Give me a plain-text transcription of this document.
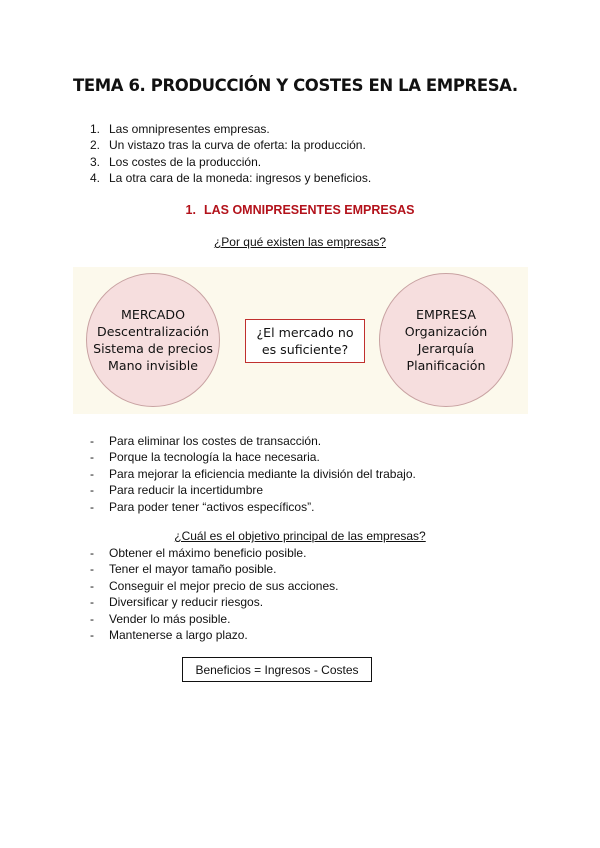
TEMA 6. PRODUCCIÓN Y COSTES EN LA EMPRESA.
1. Las omnipresentes empresas.
2. Un vistazo tras la curva de oferta: la producción.
3. Los costes de la producción.
4. La otra cara de la moneda: ingresos y beneficios.
1. LAS OMNIPRESENTES EMPRESAS
¿Por qué existen las empresas?
MERCADO
Descentralización
Sistema de precios
Mano invisible
¿El mercado no
es suficiente?
EMPRESA
Organización
Jerarquía
Planificación
- Para eliminar los costes de transacción.
- Porque la tecnología la hace necesaria.
- Para mejorar la eficiencia mediante la división del trabajo.
- Para reducir la incertidumbre
- Para poder tener “activos específicos”.
¿Cuál es el objetivo principal de las empresas?
- Obtener el máximo beneficio posible.
- Tener el mayor tamaño posible.
- Conseguir el mejor precio de sus acciones.
- Diversificar y reducir riesgos.
- Vender lo más posible.
- Mantenerse a largo plazo.
Beneficios = Ingresos - Costes
